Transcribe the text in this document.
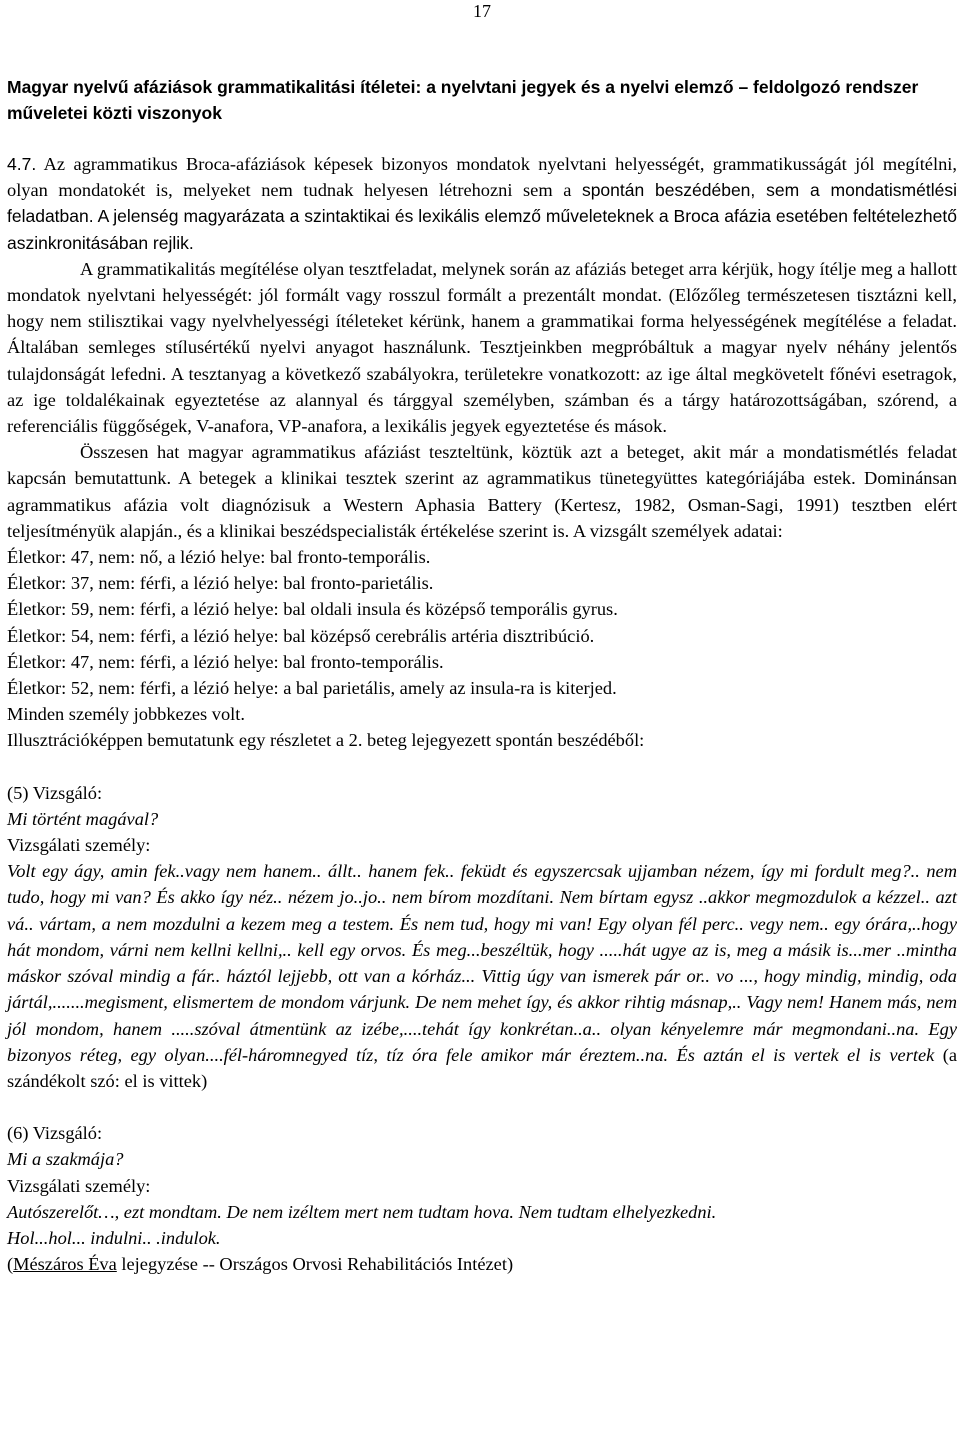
17
Magyar nyelvű afáziások grammatikalitási ítéletei: a nyelvtani jegyek és a nyelvi elemző – feldolgozó rendszer műveletei közti viszonyok

4.7. Az agrammatikus Broca-afáziások képesek bizonyos mondatok nyelvtani helyességét, grammatikusságát jól megítélni, olyan mondatokét is, melyeket nem tudnak helyesen létrehozni sem a spontán beszédében, sem a mondatismétlési feladatban. A jelenség magyarázata a szintaktikai és lexikális elemző műveleteknek a Broca afázia esetében feltételezhető aszinkronitásában rejlik.

A grammatikalitás megítélése olyan tesztfeladat, melynek során az afáziás beteget arra kérjük, hogy ítélje meg a hallott mondatok nyelvtani helyességét: jól formált vagy rosszul formált a prezentált mondat. (Előzőleg természetesen tisztázni kell, hogy nem stilisztikai vagy nyelvhelyességi ítéleteket kérünk, hanem a grammatikai forma helyességének megítélése a feladat. Általában semleges stílusértékű nyelvi anyagot használunk. Tesztjeinkben megpróbáltuk a magyar nyelv néhány jelentős tulajdonságát lefedni. A tesztanyag a következő szabályokra, területekre vonatkozott: az ige által megkövetelt főnévi esetragok, az ige toldalékainak egyeztetése az alannyal és tárggyal személyben, számban és a tárgy határozottságában, szórend, a referenciális függőségek, V-anafora, VP-anafora, a lexikális jegyek egyeztetése és mások.

Összesen hat magyar agrammatikus afáziást teszteltünk, köztük azt a beteget, akit már a mondatismétlés feladat kapcsán bemutattunk. A betegek a klinikai tesztek szerint az agrammatikus tünetegyüttes kategóriájába estek. Dominánsan agrammatikus afázia volt diagnózisuk a Western Aphasia Battery (Kertesz, 1982, Osman-Sagi, 1991) tesztben elért teljesítményük alapján., és a klinikai beszédspecialisták értékelése szerint is. A vizsgált személyek adatai:

Életkor: 47, nem: nő, a lézió helye: bal fronto-temporális.
Életkor: 37, nem: férfi, a lézió helye: bal fronto-parietális.
Életkor: 59, nem: férfi, a lézió helye: bal oldali insula és középső temporális gyrus.
Életkor: 54, nem: férfi, a lézió helye: bal középső cerebrális artéria disztribúció.
Életkor: 47, nem: férfi, a lézió helye: bal fronto-temporális.
Életkor: 52, nem: férfi, a lézió helye: a bal parietális, amely az insula-ra is kiterjed.
Minden személy jobbkezes volt.
Illusztrációképpen bemutatunk egy részletet a 2. beteg lejegyezett spontán beszédéből:
(5) Vizsgáló:
Mi történt magával?
Vizsgálati személy:

Volt egy ágy, amin fek..vagy nem hanem.. állt.. hanem fek.. feküdt és egyszercsak ujjamban nézem, így mi fordult meg?.. nem tudo, hogy mi van? És akko így néz.. nézem jo..jo.. nem bírom mozdítani. Nem bírtam egysz ..akkor megmozdulok a kézzel.. azt vá.. vártam, a nem mozdulni a kezem meg a testem. És nem tud, hogy mi van! Egy olyan fél perc.. vegy nem.. egy órára,..hogy hát mondom, várni nem kellni kellni,.. kell egy orvos. És meg...beszéltük, hogy .....hát ugye az is, meg a másik is...mer ..mintha máskor szóval mindig a fár.. háztól lejjebb, ott van a kórház... Vittig úgy van ismerek pár or.. vo ..., hogy mindig, mindig, oda jártál,.......megisment, elismertem de mondom várjunk. De nem mehet így, és akkor rihtig másnap,.. Vagy nem! Hanem más, nem jól mondom, hanem .....szóval átmentünk az izébe,....tehát így konkrétan..a.. olyan kényelemre már megmondani..na. Egy bizonyos réteg, egy olyan....fél-háromnegyed tíz, tíz óra fele amikor már éreztem..na. És aztán el is vertek el is vertek (a szándékolt szó: el is vittek)

(6) Vizsgáló:
Mi a szakmája?
Vizsgálati személy:
Autószerelőt…, ezt mondtam. De nem izéltem mert nem tudtam hova. Nem tudtam elhelyezkedni.
Hol...hol... indulni.. .indulok.
(Mészáros Éva lejegyzése -- Országos Orvosi Rehabilitációs Intézet)
